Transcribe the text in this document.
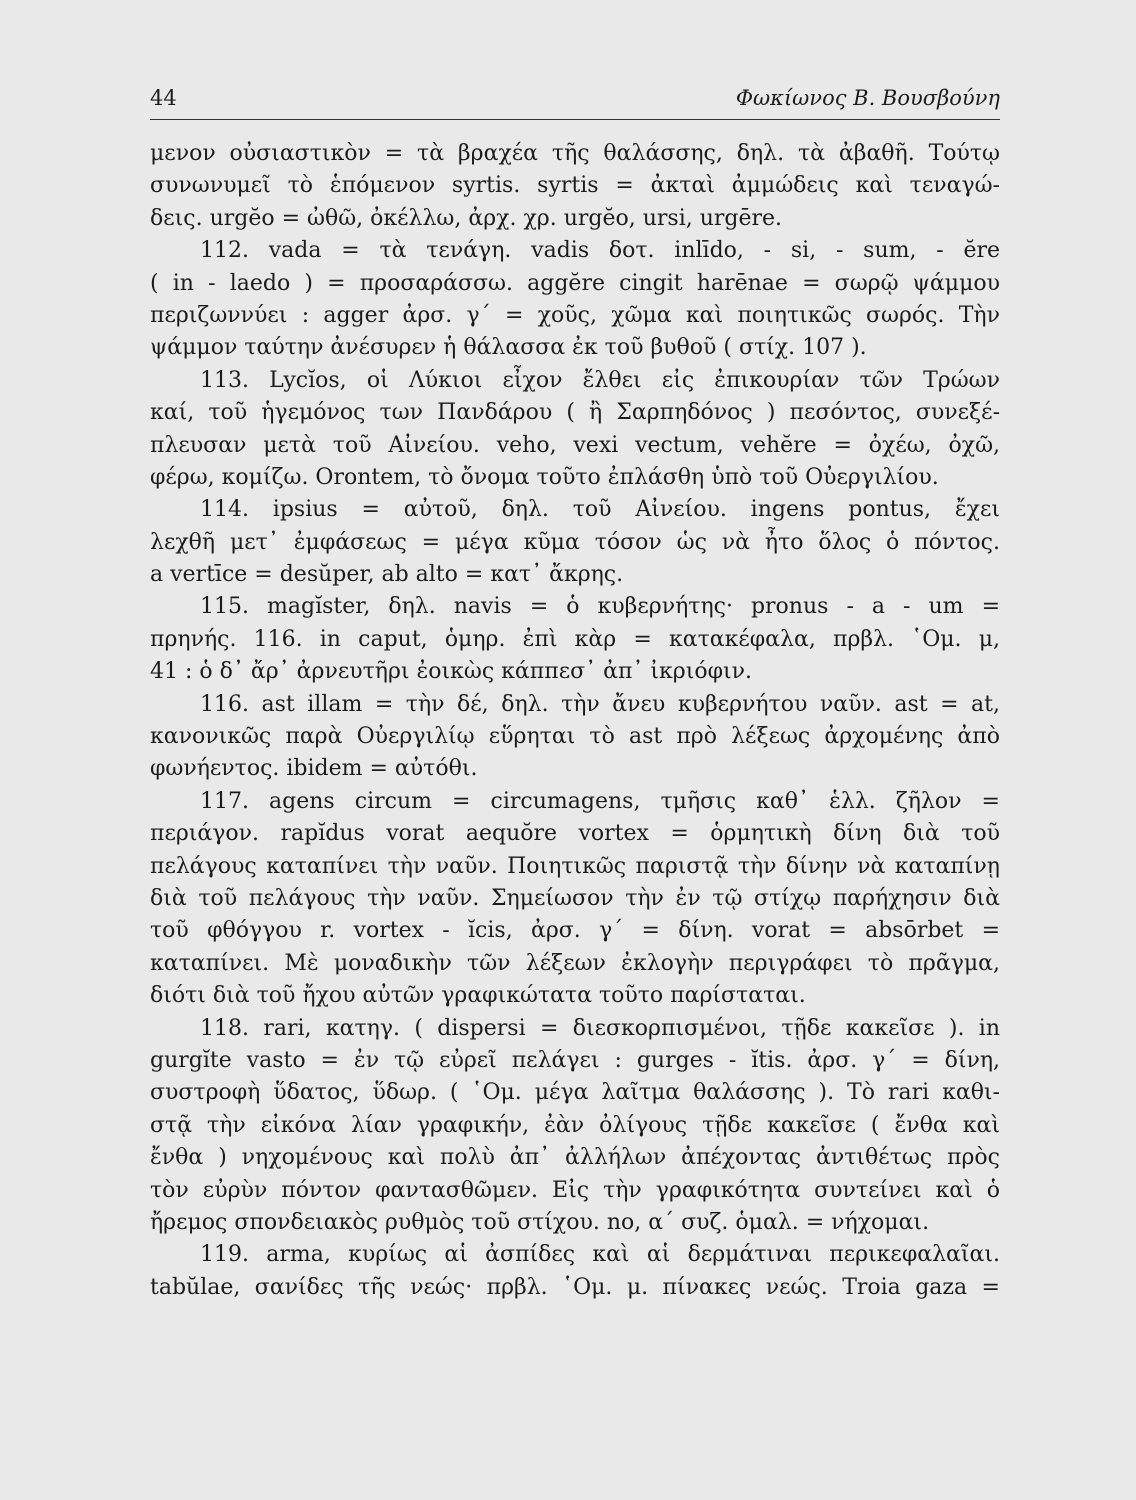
44	Φωκίωνος Β. Βουσβούνη
μενον οὐσιαστικὸν = τὰ βραχέα τῆς θαλάσσης, δηλ. τὰ ἀβαθῆ. Τούτῳ
συνωνυμεῖ τὸ ἑπόμενον syrtis. syrtis = ἀκταὶ ἀμμώδεις καὶ τεναγώ-
δεις. urgĕo = ὠθῶ, ὀκέλλω, ἀρχ. χρ. urgĕo, ursi, urgēre.
112. vada = τὰ τενάγη. vadis δοτ. inlīdo, - si, - sum, - ĕre
( in - laedo ) = προσαράσσω. aggĕre cingit harēnae = σωρῷ ψάμμου
περιζωννύει : agger ἀρσ. γ΄ = χοῦς, χῶμα καὶ ποιητικῶς σωρός. Τὴν
ψάμμον ταύτην ἀνέσυρεν ἡ θάλασσα ἐκ τοῦ βυθοῦ ( στίχ. 107 ).
113. Lycĭos, οἱ Λύκιοι εἶχον ἔλθει εἰς ἐπικουρίαν τῶν Τρώων
καί, τοῦ ἡγεμόνος των Πανδάρου ( ἢ Σαρπηδόνος ) πεσόντος, συνεξέ-
πλευσαν μετὰ τοῦ Αἰνείου. veho, vexi vectum, vehĕre = ὀχέω, ὀχῶ,
φέρω, κομίζω. Orontem, τὸ ὄνομα τοῦτο ἐπλάσθη ὑπὸ τοῦ Οὐεργιλίου.
114. ipsius = αὐτοῦ, δηλ. τοῦ Αἰνείου. ingens pontus, ἔχει
λεχθῆ μετ᾽ ἐμφάσεως = μέγα κῦμα τόσον ὡς νὰ ἦτο ὅλος ὁ πόντος.
a vertīce = desŭper, ab alto = κατ᾽ ἄκρης.
115. magĭster, δηλ. navis = ὁ κυβερνήτης· pronus - a - um =
πρηνής. 116. in caput, ὁμηρ. ἐπὶ κὰρ = κατακέφαλα, πρβλ. ῾Ομ. μ,
41 : ὁ δ᾽ ἄρ᾽ ἀρνευτῆρι ἐοικὼς κάππεσ᾽ ἀπ᾽ ἰκριόφιν.
116. ast illam = τὴν δέ, δηλ. τὴν ἄνευ κυβερνήτου ναῦν. ast = at,
κανονικῶς παρὰ Οὐεργιλίῳ εὕρηται τὸ ast πρὸ λέξεως ἀρχομένης ἀπὸ
φωνήεντος. ibidem = αὐτόθι.
117. agens circum = circumagens, τμῆσις καθ᾽ ἑλλ. ζῆλον =
περιάγον. rapĭdus vorat aequŏre vortex = ὁρμητικὴ δίνη διὰ τοῦ
πελάγους καταπίνει τὴν ναῦν. Ποιητικῶς παριστᾷ τὴν δίνην νὰ καταπίνῃ
διὰ τοῦ πελάγους τὴν ναῦν. Σημείωσον τὴν ἐν τῷ στίχῳ παρήχησιν διὰ
τοῦ φθόγγου r. vortex - ĭcis, ἀρσ. γ΄ = δίνη. vorat = absōrbet =
καταπίνει. Μὲ μοναδικὴν τῶν λέξεων ἐκλογὴν περιγράφει τὸ πρᾶγμα,
διότι διὰ τοῦ ἤχου αὐτῶν γραφικώτατα τοῦτο παρίσταται.
118. rari, κατηγ. ( dispersi = διεσκορπισμένοι, τῇδε κακεῖσε ). in
gurgĭte vasto = ἐν τῷ εὐρεῖ πελάγει : gurges - ĭtis. ἀρσ. γ΄ = δίνη,
συστροφὴ ὕδατος, ὕδωρ. ( ῾Ομ. μέγα λαῖτμα θαλάσσης ). Τὸ rari καθι-
στᾷ τὴν εἰκόνα λίαν γραφικήν, ἐὰν ὀλίγους τῇδε κακεῖσε ( ἔνθα καὶ
ἔνθα ) νηχομένους καὶ πολὺ ἀπ᾽ ἀλλήλων ἀπέχοντας ἀντιθέτως πρὸς
τὸν εὐρὺν πόντον φαντασθῶμεν. Εἰς τὴν γραφικότητα συντείνει καὶ ὁ
ἤρεμος σπονδειακὸς ρυθμὸς τοῦ στίχου. no, α΄ συζ. ὁμαλ. = νήχομαι.
119. arma, κυρίως αἱ ἀσπίδες καὶ αἱ δερμάτιναι περικεφαλαῖαι.
tabŭlae, σανίδες τῆς νεώς· πρβλ. ῾Ομ. μ. πίνακες νεώς. Troia gaza =
